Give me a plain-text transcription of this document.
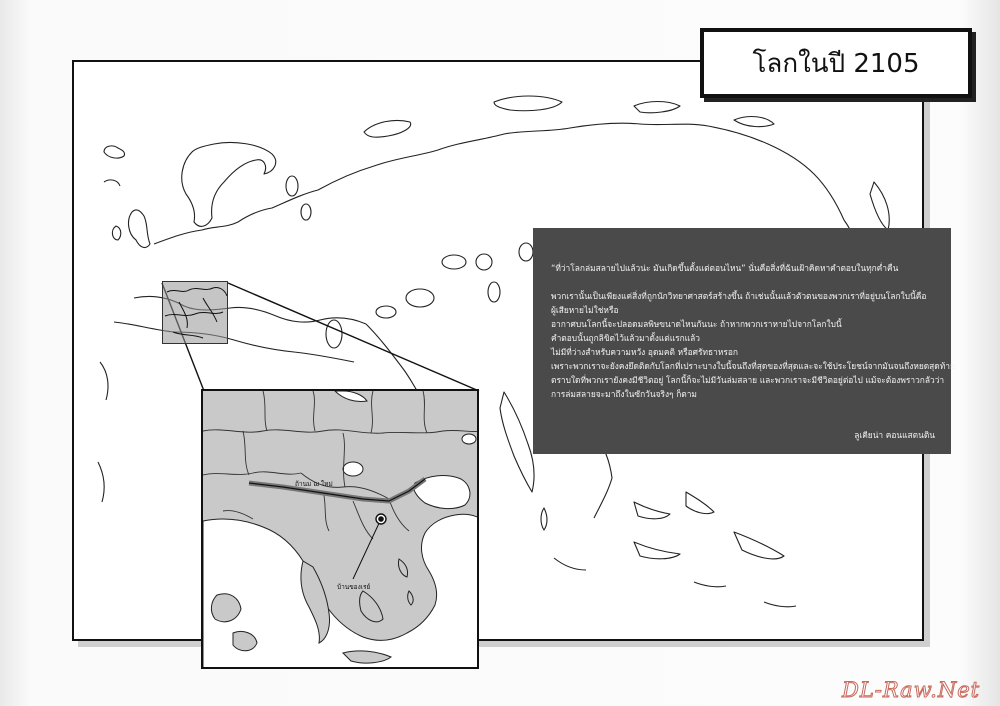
โลกในปี 2105
“ที่ว่าโลกล่มสลายไปแล้วน่ะ มันเกิดขึ้นตั้งแต่ตอนไหน” นั่นคือสิ่งที่ฉันเฝ้าคิดหาคำตอบในทุกค่ำคืน
พวกเรานั้นเป็นเพียงแค่สิ่งที่ถูกนักวิทยาศาสตร์สร้างขึ้น ถ้าเช่นนั้นแล้วตัวตนของพวกเราที่อยู่บนโลกใบนี้คือ
ผู้เสียหายไม่ใช่หรือ
อากาศบนโลกนี้จะปลอดมลพิษขนาดไหนกันนะ ถ้าหากพวกเราหายไปจากโลกใบนี้
คำตอบนั้นถูกลิขิตไว้แล้วมาตั้งแต่แรกแล้ว
ไม่มีที่ว่างสำหรับความหวัง อุดมคติ หรือศรัทธาหรอก
เพราะพวกเราจะยังคงยึดติดกับโลกที่เปราะบางใบนี้จนถึงที่สุดของที่สุดและจะใช้ประโยชน์จากมันจนถึงหยดสุดท้าย
ตราบใดที่พวกเรายังคงมีชีวิตอยู่ โลกนี้ก็จะไม่มีวันล่มสลาย และพวกเราจะมีชีวิตอยู่ต่อไป แม้จะต้องพราวกลัวว่า
การล่มสลายจะมาถึงในซักวันจริงๆ ก็ตาม
ลูเคียน่า คอนแสตนติน
ถ้านม ฌ ใหม่
บ้านของเรย์
DL-Raw.Net
